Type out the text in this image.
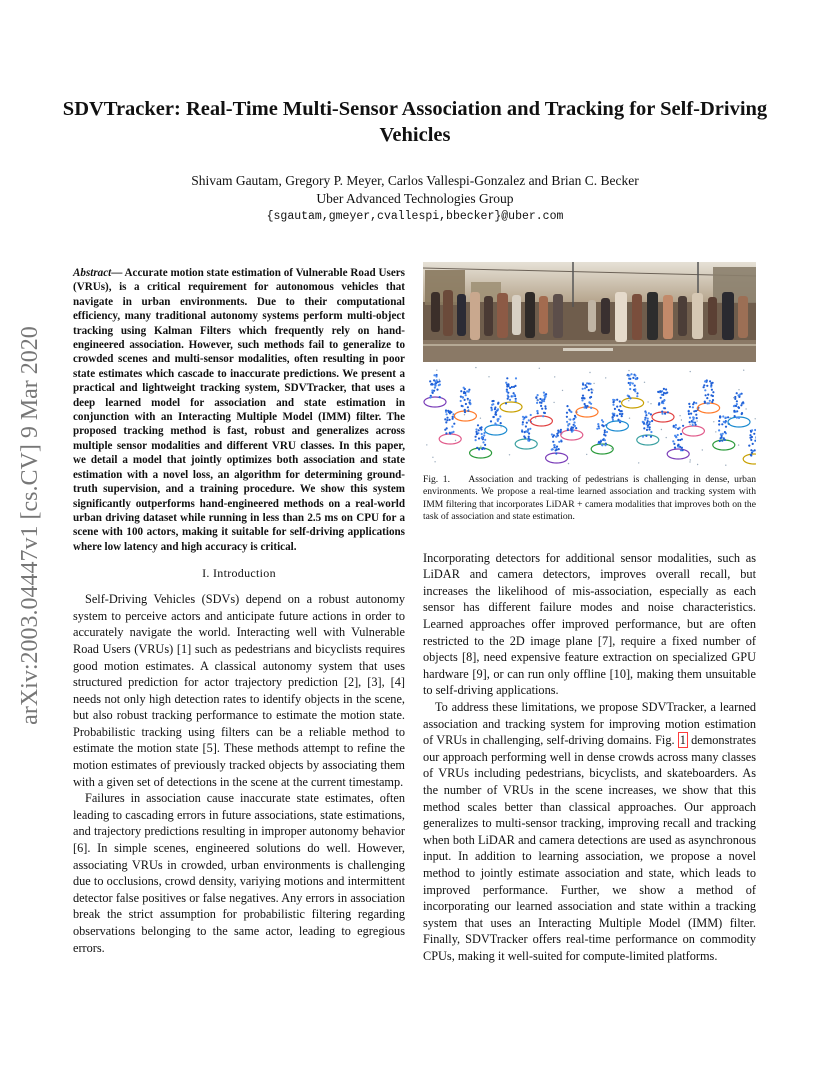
arXiv:2003.04447v1 [cs.CV] 9 Mar 2020
SDVTracker: Real-Time Multi-Sensor Association and Tracking for Self-Driving Vehicles
Shivam Gautam, Gregory P. Meyer, Carlos Vallespi-Gonzalez and Brian C. Becker
Uber Advanced Technologies Group
{sgautam,gmeyer,cvallespi,bbecker}@uber.com
Abstract— Accurate motion state estimation of Vulnerable Road Users (VRUs), is a critical requirement for autonomous vehicles that navigate in urban environments. Due to their computational efficiency, many traditional autonomy systems perform multi-object tracking using Kalman Filters which frequently rely on hand-engineered association. However, such methods fail to generalize to crowded scenes and multi-sensor modalities, often resulting in poor state estimates which cascade to inaccurate predictions. We present a practical and lightweight tracking system, SDVTracker, that uses a deep learned model for association and state estimation in conjunction with an Interacting Multiple Model (IMM) filter. The proposed tracking method is fast, robust and generalizes across multiple sensor modalities and different VRU classes. In this paper, we detail a model that jointly optimizes both association and state estimation with a novel loss, an algorithm for determining ground-truth supervision, and a training procedure. We show this system significantly outperforms hand-engineered methods on a real-world urban driving dataset while running in less than 2.5 ms on CPU for a scene with 100 actors, making it suitable for self-driving applications where low latency and high accuracy is critical.
I. Introduction

Self-Driving Vehicles (SDVs) depend on a robust autonomy system to perceive actors and anticipate future actions in order to accurately navigate the world. Interacting well with Vulnerable Road Users (VRUs) [1] such as pedestrians and bicyclists requires good motion estimates. A classical autonomy system that uses structured prediction for actor trajectory prediction [2], [3], [4] needs not only high detection rates to identify objects in the scene, but also robust tracking performance to estimate the motion state. Probabilistic tracking using filters can be a reliable method to estimate the motion state [5]. These methods attempt to refine the motion estimates of previously tracked objects by associating them with a given set of detections in the scene at the current timestamp.

Failures in association cause inaccurate state estimates, often leading to cascading errors in future associations, state estimations, and trajectory predictions resulting in improper autonomy behavior [6]. In simple scenes, engineered solutions do well. However, associating VRUs in crowded, urban environments is challenging due to occlusions, crowd density, variying motions and intermittent detector false positives or false negatives. Any errors in association break the strict assumption for probabilistic filtering regarding observations belonging to the same actor, leading to egregious errors.

Fig. 1. Association and tracking of pedestrians is challenging in dense, urban environments. We propose a real-time learned association and tracking system with IMM filtering that incorporates LiDAR + camera modalities that improves both on the task of association and state estimation.

Incorporating detectors for additional sensor modalities, such as LiDAR and camera detectors, improves overall recall, but increases the likelihood of mis-association, especially as each sensor has different failure modes and noise characteristics. Learned approaches offer improved performance, but are often restricted to the 2D image plane [7], require a fixed number of objects [8], need expensive feature extraction on specialized GPU hardware [9], or can run only offline [10], making them unsuitable to self-driving applications.

To address these limitations, we propose SDVTracker, a learned association and tracking system for improving motion estimation of VRUs in challenging, self-driving domains. Fig. 1 demonstrates our approach performing well in dense crowds across many classes of VRUs including pedestrians, bicyclists, and skateboarders. As the number of VRUs in the scene increases, we show that this method scales better than classical approaches. Our approach generalizes to multi-sensor tracking, improving recall and tracking when both LiDAR and camera detections are used as asynchronous input. In addition to learning association, we propose a novel method to jointly estimate association and state, which leads to improved performance. Further, we show a method of incorporating our learned association and state within a tracking system that uses an Interacting Multiple Model (IMM) filter. Finally, SDVTracker offers real-time performance on commodity CPUs, making it well-suited for compute-limited platforms.
